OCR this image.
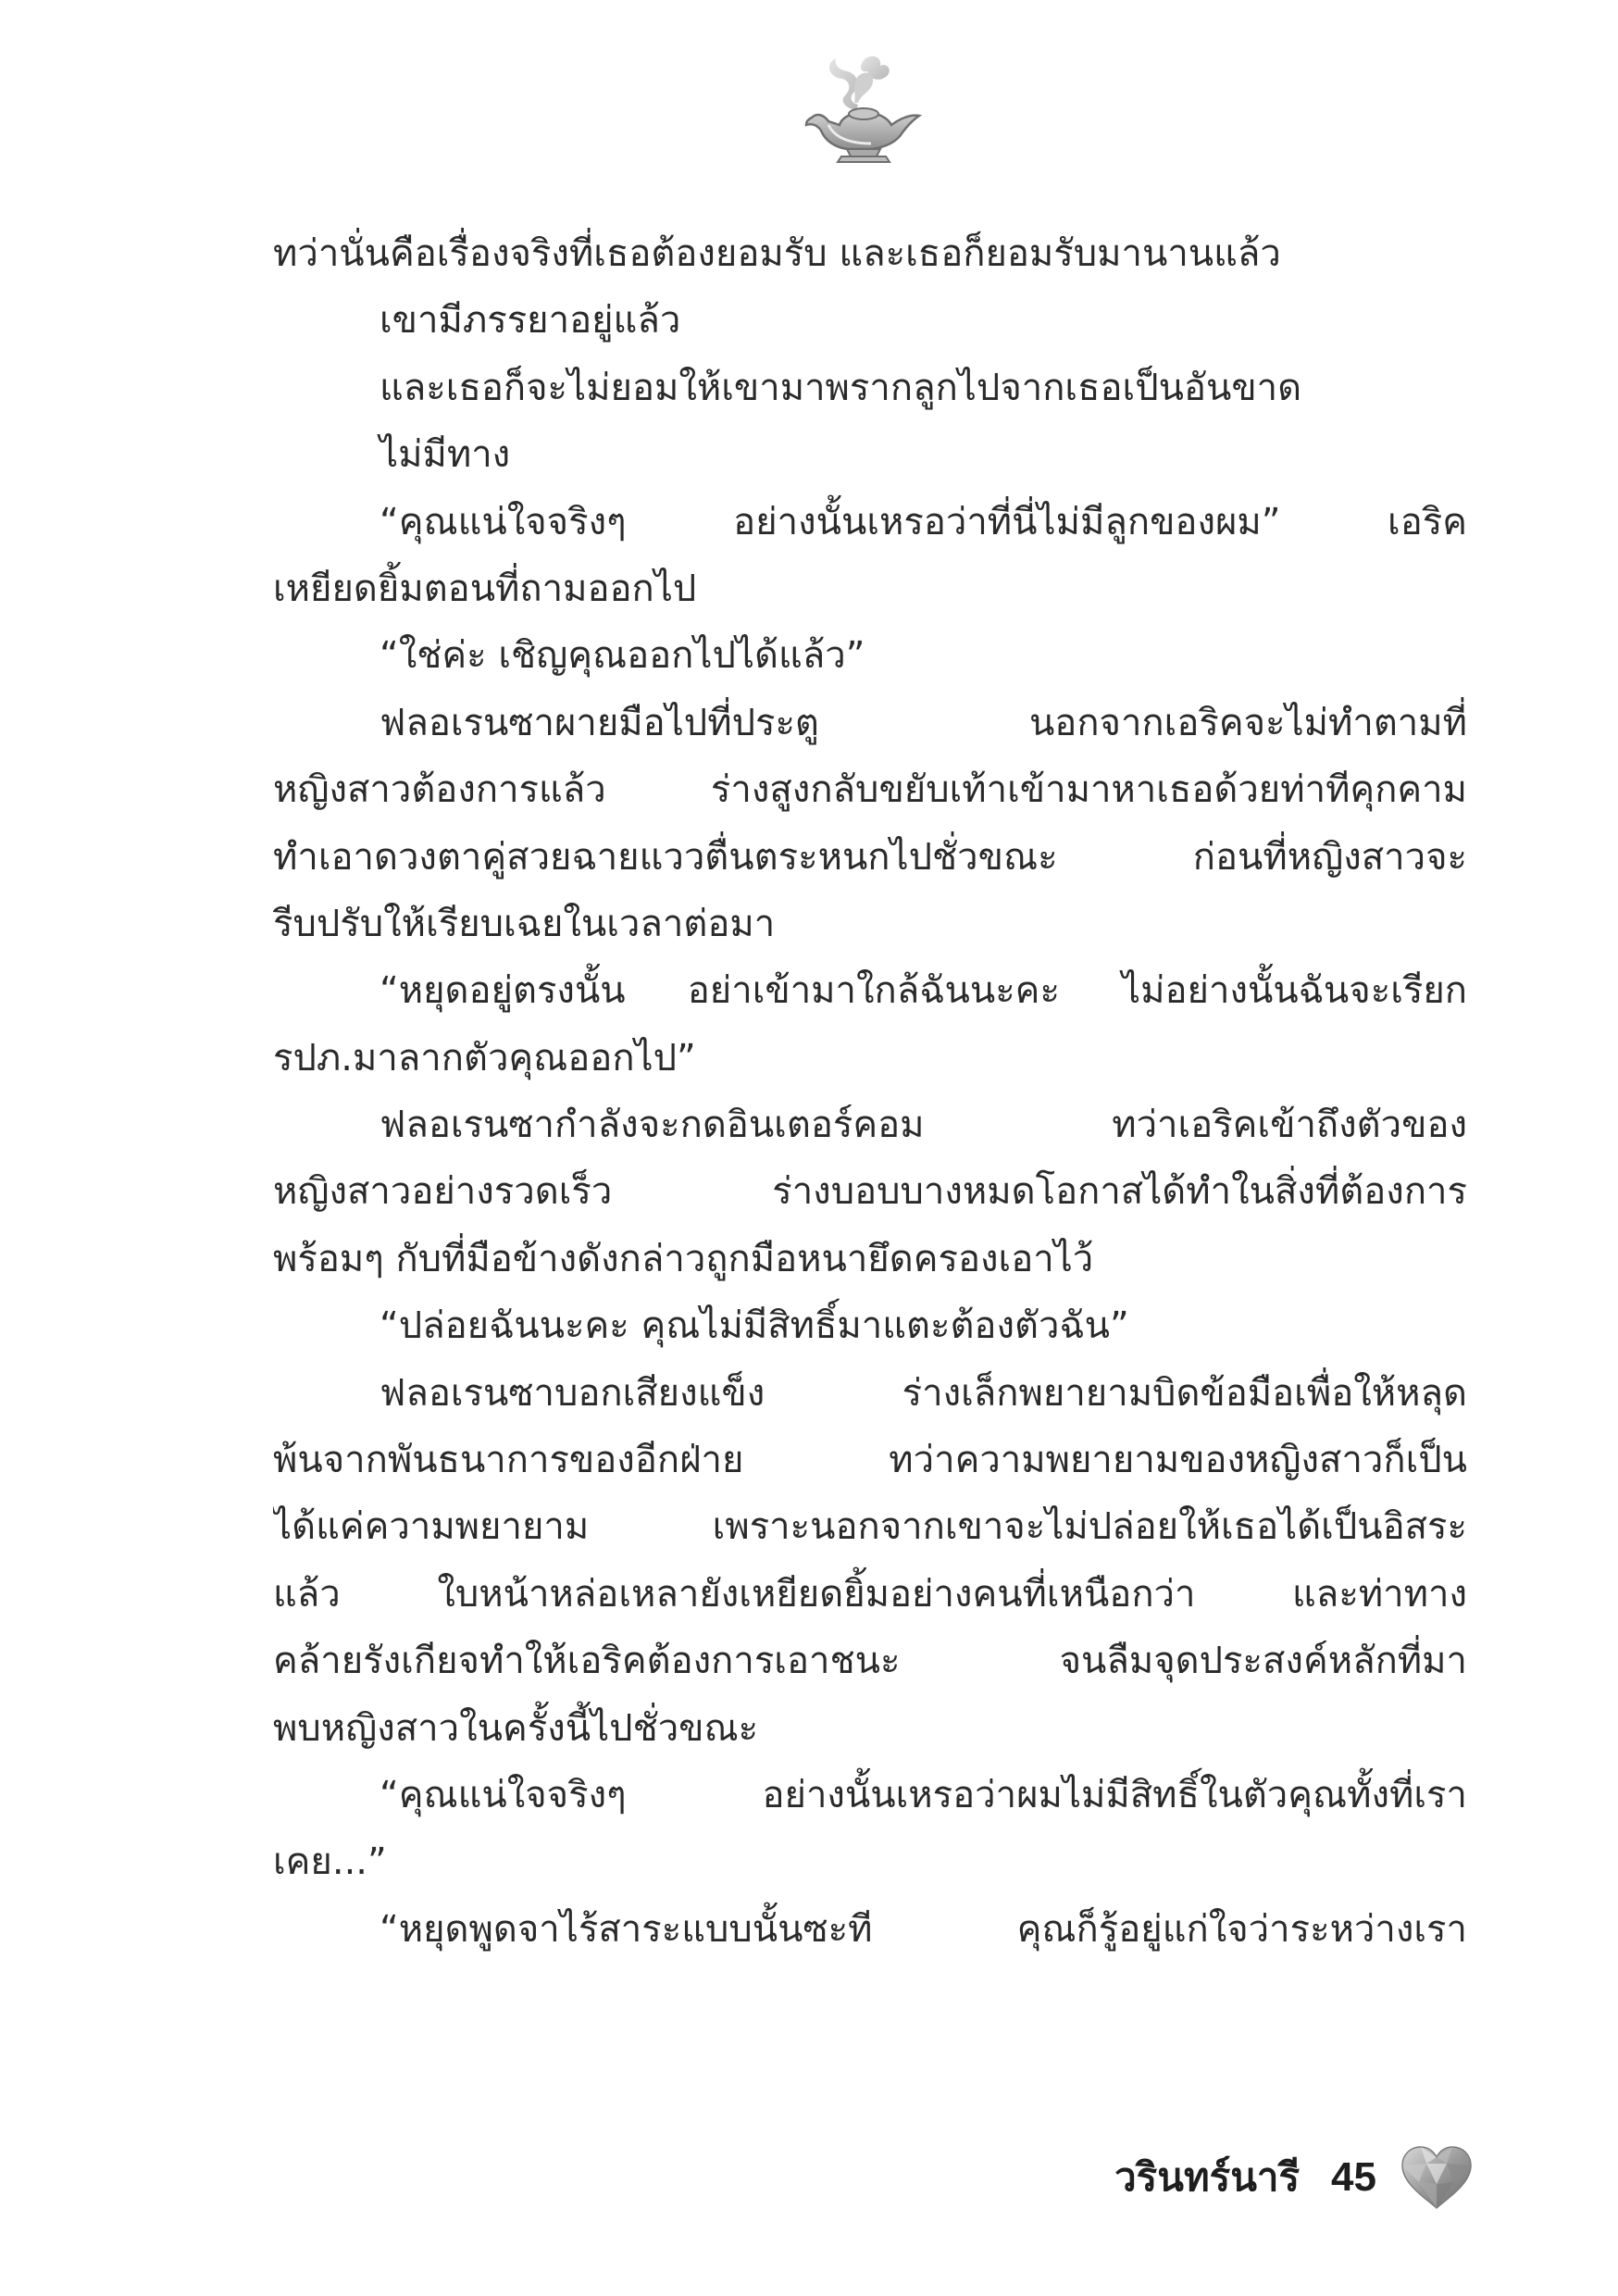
ทว่านั่นคือเรื่องจริงที่เธอต้องยอมรับ และเธอก็ยอมรับมานานแล้ว
เขามีภรรยาอยู่แล้ว
และเธอก็จะไม่ยอมให้เขามาพรากลูกไปจากเธอเป็นอันขาด
ไม่มีทาง
“คุณแน่ใจจริงๆ อย่างนั้นเหรอว่าที่นี่ไม่มีลูกของผม” เอริค
เหยียดยิ้มตอนที่ถามออกไป
“ใช่ค่ะ เชิญคุณออกไปได้แล้ว”
ฟลอเรนซาผายมือไปที่ประตู นอกจากเอริคจะไม่ทำตามที่
หญิงสาวต้องการแล้ว ร่างสูงกลับขยับเท้าเข้ามาหาเธอด้วยท่าทีคุกคาม
ทำเอาดวงตาคู่สวยฉายแววตื่นตระหนกไปชั่วขณะ ก่อนที่หญิงสาวจะ
รีบปรับให้เรียบเฉยในเวลาต่อมา
“หยุดอยู่ตรงนั้น อย่าเข้ามาใกล้ฉันนะคะ ไม่อย่างนั้นฉันจะเรียก
รปภ.มาลากตัวคุณออกไป”
ฟลอเรนซากำลังจะกดอินเตอร์คอม ทว่าเอริคเข้าถึงตัวของ
หญิงสาวอย่างรวดเร็ว ร่างบอบบางหมดโอกาสได้ทำในสิ่งที่ต้องการ
พร้อมๆ กับที่มือข้างดังกล่าวถูกมือหนายึดครองเอาไว้
“ปล่อยฉันนะคะ คุณไม่มีสิทธิ์มาแตะต้องตัวฉัน”
ฟลอเรนซาบอกเสียงแข็ง ร่างเล็กพยายามบิดข้อมือเพื่อให้หลุด
พ้นจากพันธนาการของอีกฝ่าย ทว่าความพยายามของหญิงสาวก็เป็น
ได้แค่ความพยายาม เพราะนอกจากเขาจะไม่ปล่อยให้เธอได้เป็นอิสระ
แล้ว ใบหน้าหล่อเหลายังเหยียดยิ้มอย่างคนที่เหนือกว่า และท่าทาง
คล้ายรังเกียจทำให้เอริคต้องการเอาชนะ จนลืมจุดประสงค์หลักที่มา
พบหญิงสาวในครั้งนี้ไปชั่วขณะ
“คุณแน่ใจจริงๆ อย่างนั้นเหรอว่าผมไม่มีสิทธิ์ในตัวคุณทั้งที่เรา
เคย...”
“หยุดพูดจาไร้สาระแบบนั้นซะที คุณก็รู้อยู่แก่ใจว่าระหว่างเรา
วรินทร์นารี 45
